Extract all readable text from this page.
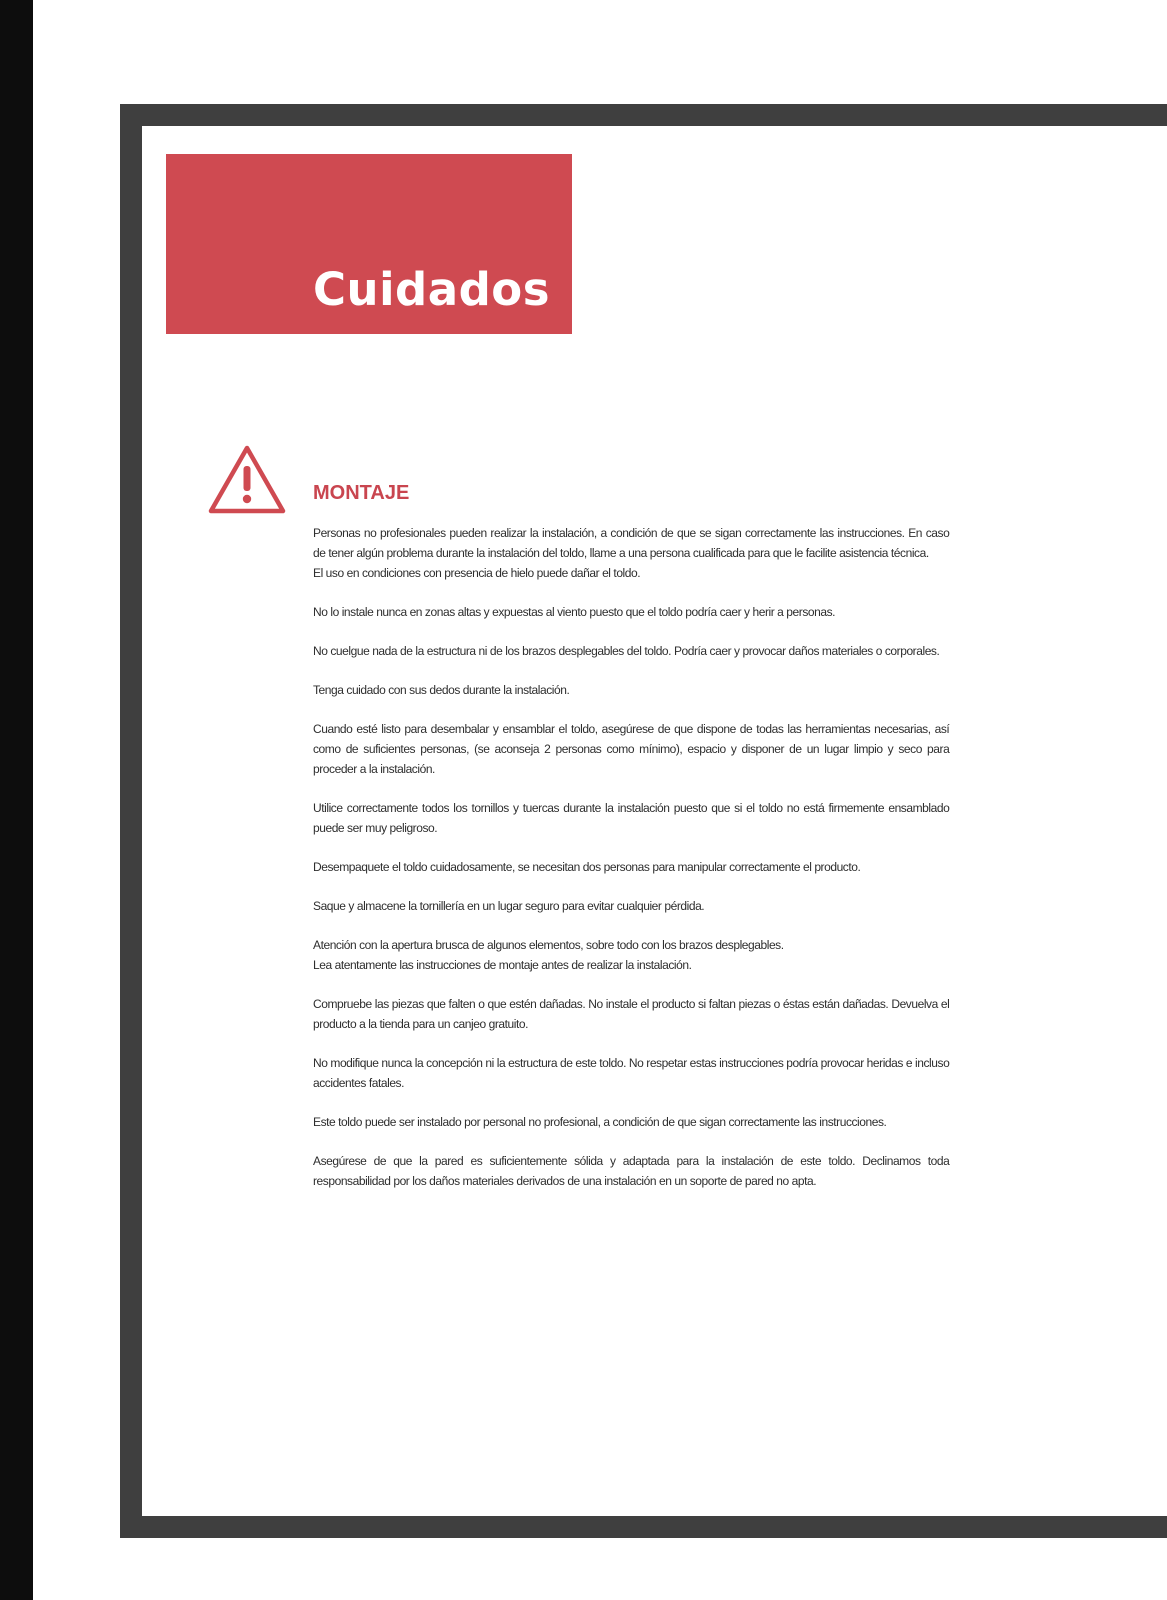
Cuidados
MONTAJE

Personas no profesionales pueden realizar la instalación, a condición de que se sigan correctamente las instrucciones. En caso de tener algún problema durante la instalación del toldo, llame a una persona cualificada para que le facilite asistencia técnica.
El uso en condiciones con presencia de hielo puede dañar el toldo.

No lo instale nunca en zonas altas y expuestas al viento puesto que el toldo podría caer y herir a personas.

No cuelgue nada de la estructura ni de los brazos desplegables del toldo. Podría caer y provocar daños materiales o corporales.

Tenga cuidado con sus dedos durante la instalación.

Cuando esté listo para desembalar y ensamblar el toldo, asegúrese de que dispone de todas las herramientas necesarias, así como de suficientes personas, (se aconseja 2 personas como mínimo), espacio y disponer de un lugar limpio y seco para proceder a la instalación.

Utilice correctamente todos los tornillos y tuercas durante la instalación puesto que si el toldo no está firmemente ensamblado puede ser muy peligroso.

Desempaquete el toldo cuidadosamente, se necesitan dos personas para manipular correctamente el producto.

Saque y almacene la tornillería en un lugar seguro para evitar cualquier pérdida.

Atención con la apertura brusca de algunos elementos, sobre todo con los brazos desplegables.
Lea atentamente las instrucciones de montaje antes de realizar la instalación.

Compruebe las piezas que falten o que estén dañadas. No instale el producto si faltan piezas o éstas están dañadas. Devuelva el producto a la tienda para un canjeo gratuito.

No modifique nunca la concepción ni la estructura de este toldo. No respetar estas instrucciones podría provocar heridas e incluso accidentes fatales.

Este toldo puede ser instalado por personal no profesional, a condición de que sigan correctamente las instrucciones.

Asegúrese de que la pared es suficientemente sólida y adaptada para la instalación de este toldo. Declinamos toda responsabilidad por los daños materiales derivados de una instalación en un soporte de pared no apta.
